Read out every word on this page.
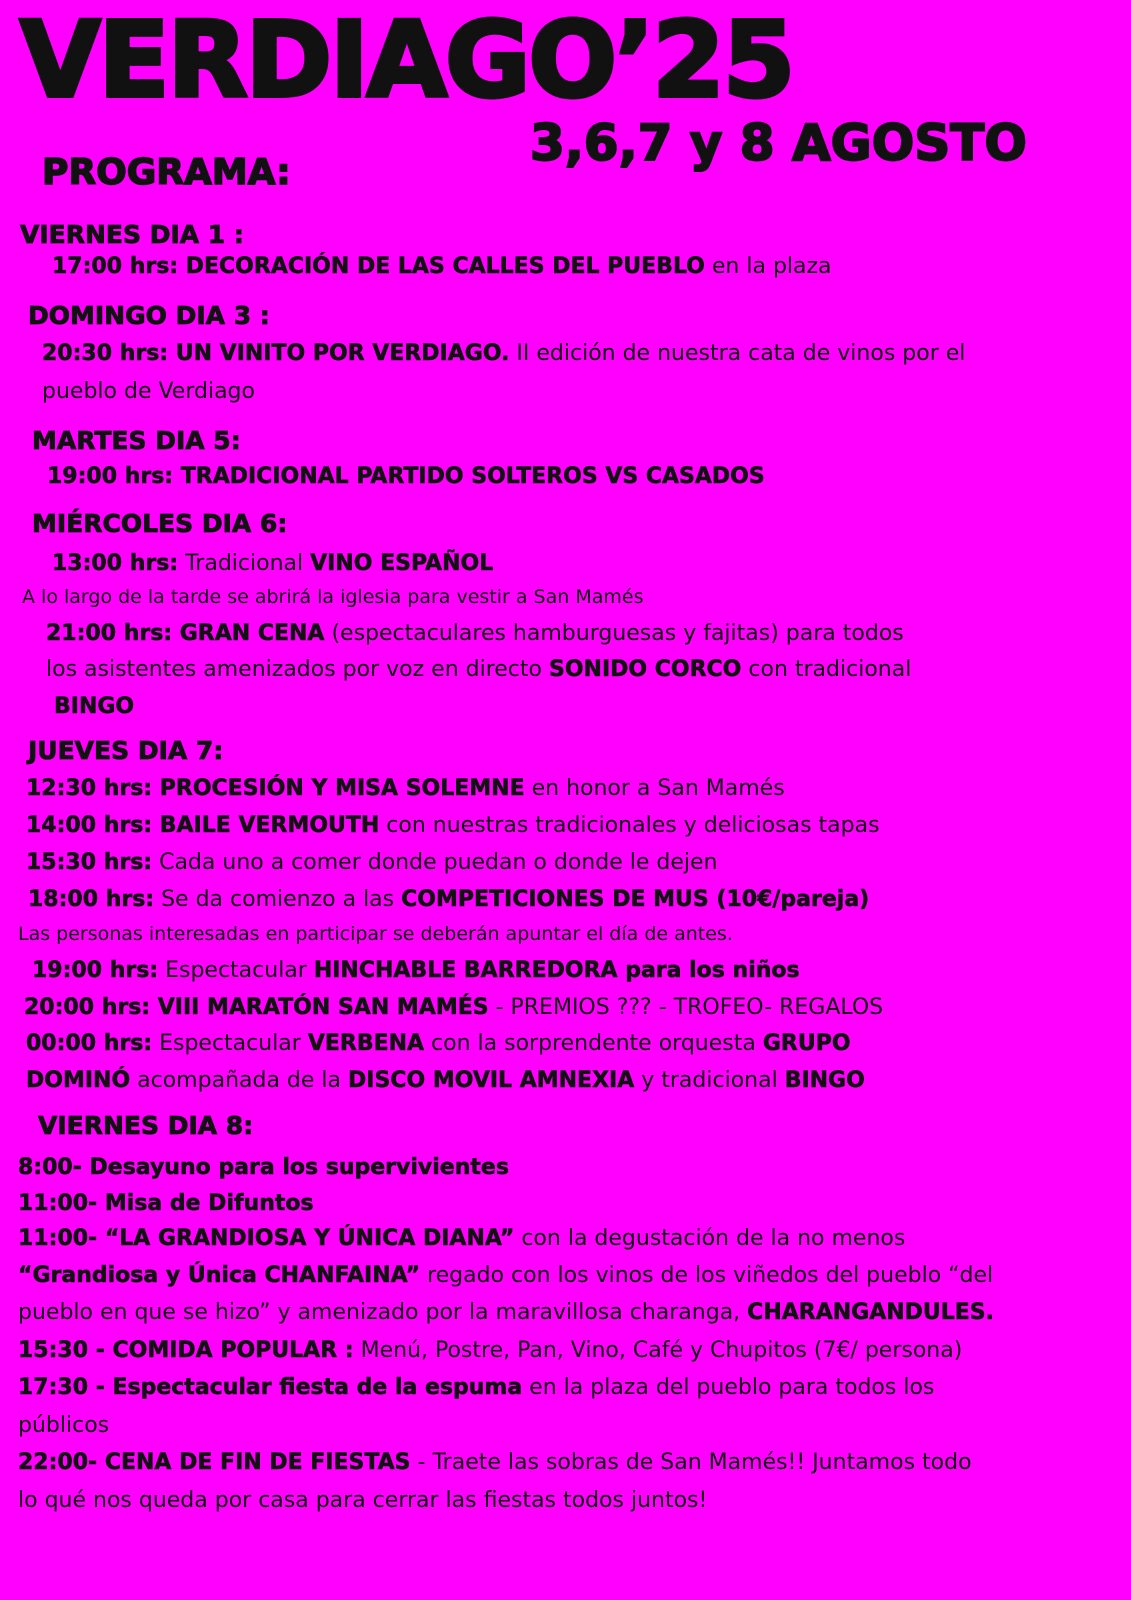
VERDIAGO’25
3,6,7 y 8 AGOSTO
PROGRAMA:
VIERNES DIA 1 :
17:00 hrs: DECORACIÓN DE LAS CALLES DEL PUEBLO en la plaza
DOMINGO DIA 3 :
20:30 hrs: UN VINITO POR VERDIAGO. II edición de nuestra cata de vinos por el
pueblo de Verdiago
MARTES DIA 5:
19:00 hrs: TRADICIONAL PARTIDO SOLTEROS VS CASADOS
MIÉRCOLES DIA 6:
13:00 hrs: Tradicional VINO ESPAÑOL
A lo largo de la tarde se abrirá la iglesia para vestir a San Mamés
21:00 hrs: GRAN CENA (espectaculares hamburguesas y fajitas) para todos
los asistentes amenizados por voz en directo SONIDO CORCO con tradicional
BINGO
JUEVES DIA 7:
12:30 hrs: PROCESIÓN Y MISA SOLEMNE en honor a San Mamés
14:00 hrs: BAILE VERMOUTH con nuestras tradicionales y deliciosas tapas
15:30 hrs: Cada uno a comer donde puedan o donde le dejen
18:00 hrs: Se da comienzo a las COMPETICIONES DE MUS (10€/pareja)
Las personas interesadas en participar se deberán apuntar el día de antes.
19:00 hrs: Espectacular HINCHABLE BARREDORA para los niños
20:00 hrs: VIII MARATÓN SAN MAMÉS - PREMIOS ??? - TROFEO- REGALOS
00:00 hrs: Espectacular VERBENA con la sorprendente orquesta GRUPO
DOMINÓ acompañada de la DISCO MOVIL AMNEXIA y tradicional BINGO
VIERNES DIA 8:
8:00- Desayuno para los supervivientes
11:00- Misa de Difuntos
11:00- “LA GRANDIOSA Y ÚNICA DIANA” con la degustación de la no menos
“Grandiosa y Única CHANFAINA” regado con los vinos de los viñedos del pueblo “del
pueblo en que se hizo” y amenizado por la maravillosa charanga, CHARANGANDULES.
15:30 - COMIDA POPULAR : Menú, Postre, Pan, Vino, Café y Chupitos (7€/ persona)
17:30 - Espectacular fiesta de la espuma en la plaza del pueblo para todos los
públicos
22:00- CENA DE FIN DE FIESTAS - Traete las sobras de San Mamés!! Juntamos todo
lo qué nos queda por casa para cerrar las fiestas todos juntos!
